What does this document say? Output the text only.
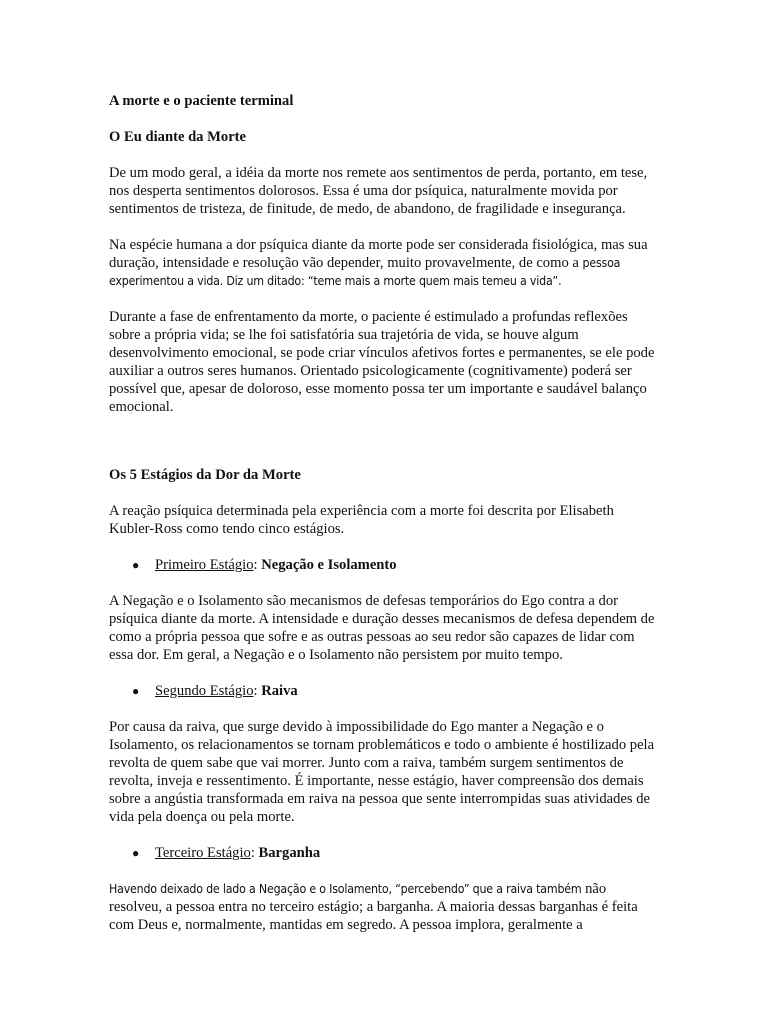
A morte e o paciente terminal

O Eu diante da Morte

De um modo geral, a idéia da morte nos remete aos sentimentos de perda, portanto, em tese, nos desperta sentimentos dolorosos. Essa é uma dor psíquica, naturalmente movida por sentimentos de tristeza, de finitude, de medo, de abandono, de fragilidade e insegurança.

Na espécie humana a dor psíquica diante da morte pode ser considerada fisiológica, mas sua duração, intensidade e resolução vão depender, muito provavelmente, de como a pessoa experimentou a vida. Diz um ditado: “teme mais a morte quem mais temeu a vida”.

Durante a fase de enfrentamento da morte, o paciente é estimulado a profundas reflexões sobre a própria vida; se lhe foi satisfatória sua trajetória de vida, se houve algum desenvolvimento emocional, se pode criar vínculos afetivos fortes e permanentes, se ele pode auxiliar a outros seres humanos. Orientado psicologicamente (cognitivamente) poderá ser possível que, apesar de doloroso, esse momento possa ter um importante e saudável balanço emocional.

Os 5 Estágios da Dor da Morte

A reação psíquica determinada pela experiência com a morte foi descrita por Elisabeth Kubler-Ross como tendo cinco estágios.

● Primeiro Estágio: Negação e Isolamento

A Negação e o Isolamento são mecanismos de defesas temporários do Ego contra a dor psíquica diante da morte. A intensidade e duração desses mecanismos de defesa dependem de como a própria pessoa que sofre e as outras pessoas ao seu redor são capazes de lidar com essa dor. Em geral, a Negação e o Isolamento não persistem por muito tempo.

● Segundo Estágio: Raiva

Por causa da raiva, que surge devido à impossibilidade do Ego manter a Negação e o Isolamento, os relacionamentos se tornam problemáticos e todo o ambiente é hostilizado pela revolta de quem sabe que vai morrer. Junto com a raiva, também surgem sentimentos de revolta, inveja e ressentimento. É importante, nesse estágio, haver compreensão dos demais sobre a angústia transformada em raiva na pessoa que sente interrompidas suas atividades de vida pela doença ou pela morte.

● Terceiro Estágio: Barganha

Havendo deixado de lado a Negação e o Isolamento, “percebendo” que a raiva também não resolveu, a pessoa entra no terceiro estágio; a barganha. A maioria dessas barganhas é feita com Deus e, normalmente, mantidas em segredo. A pessoa implora, geralmente a
